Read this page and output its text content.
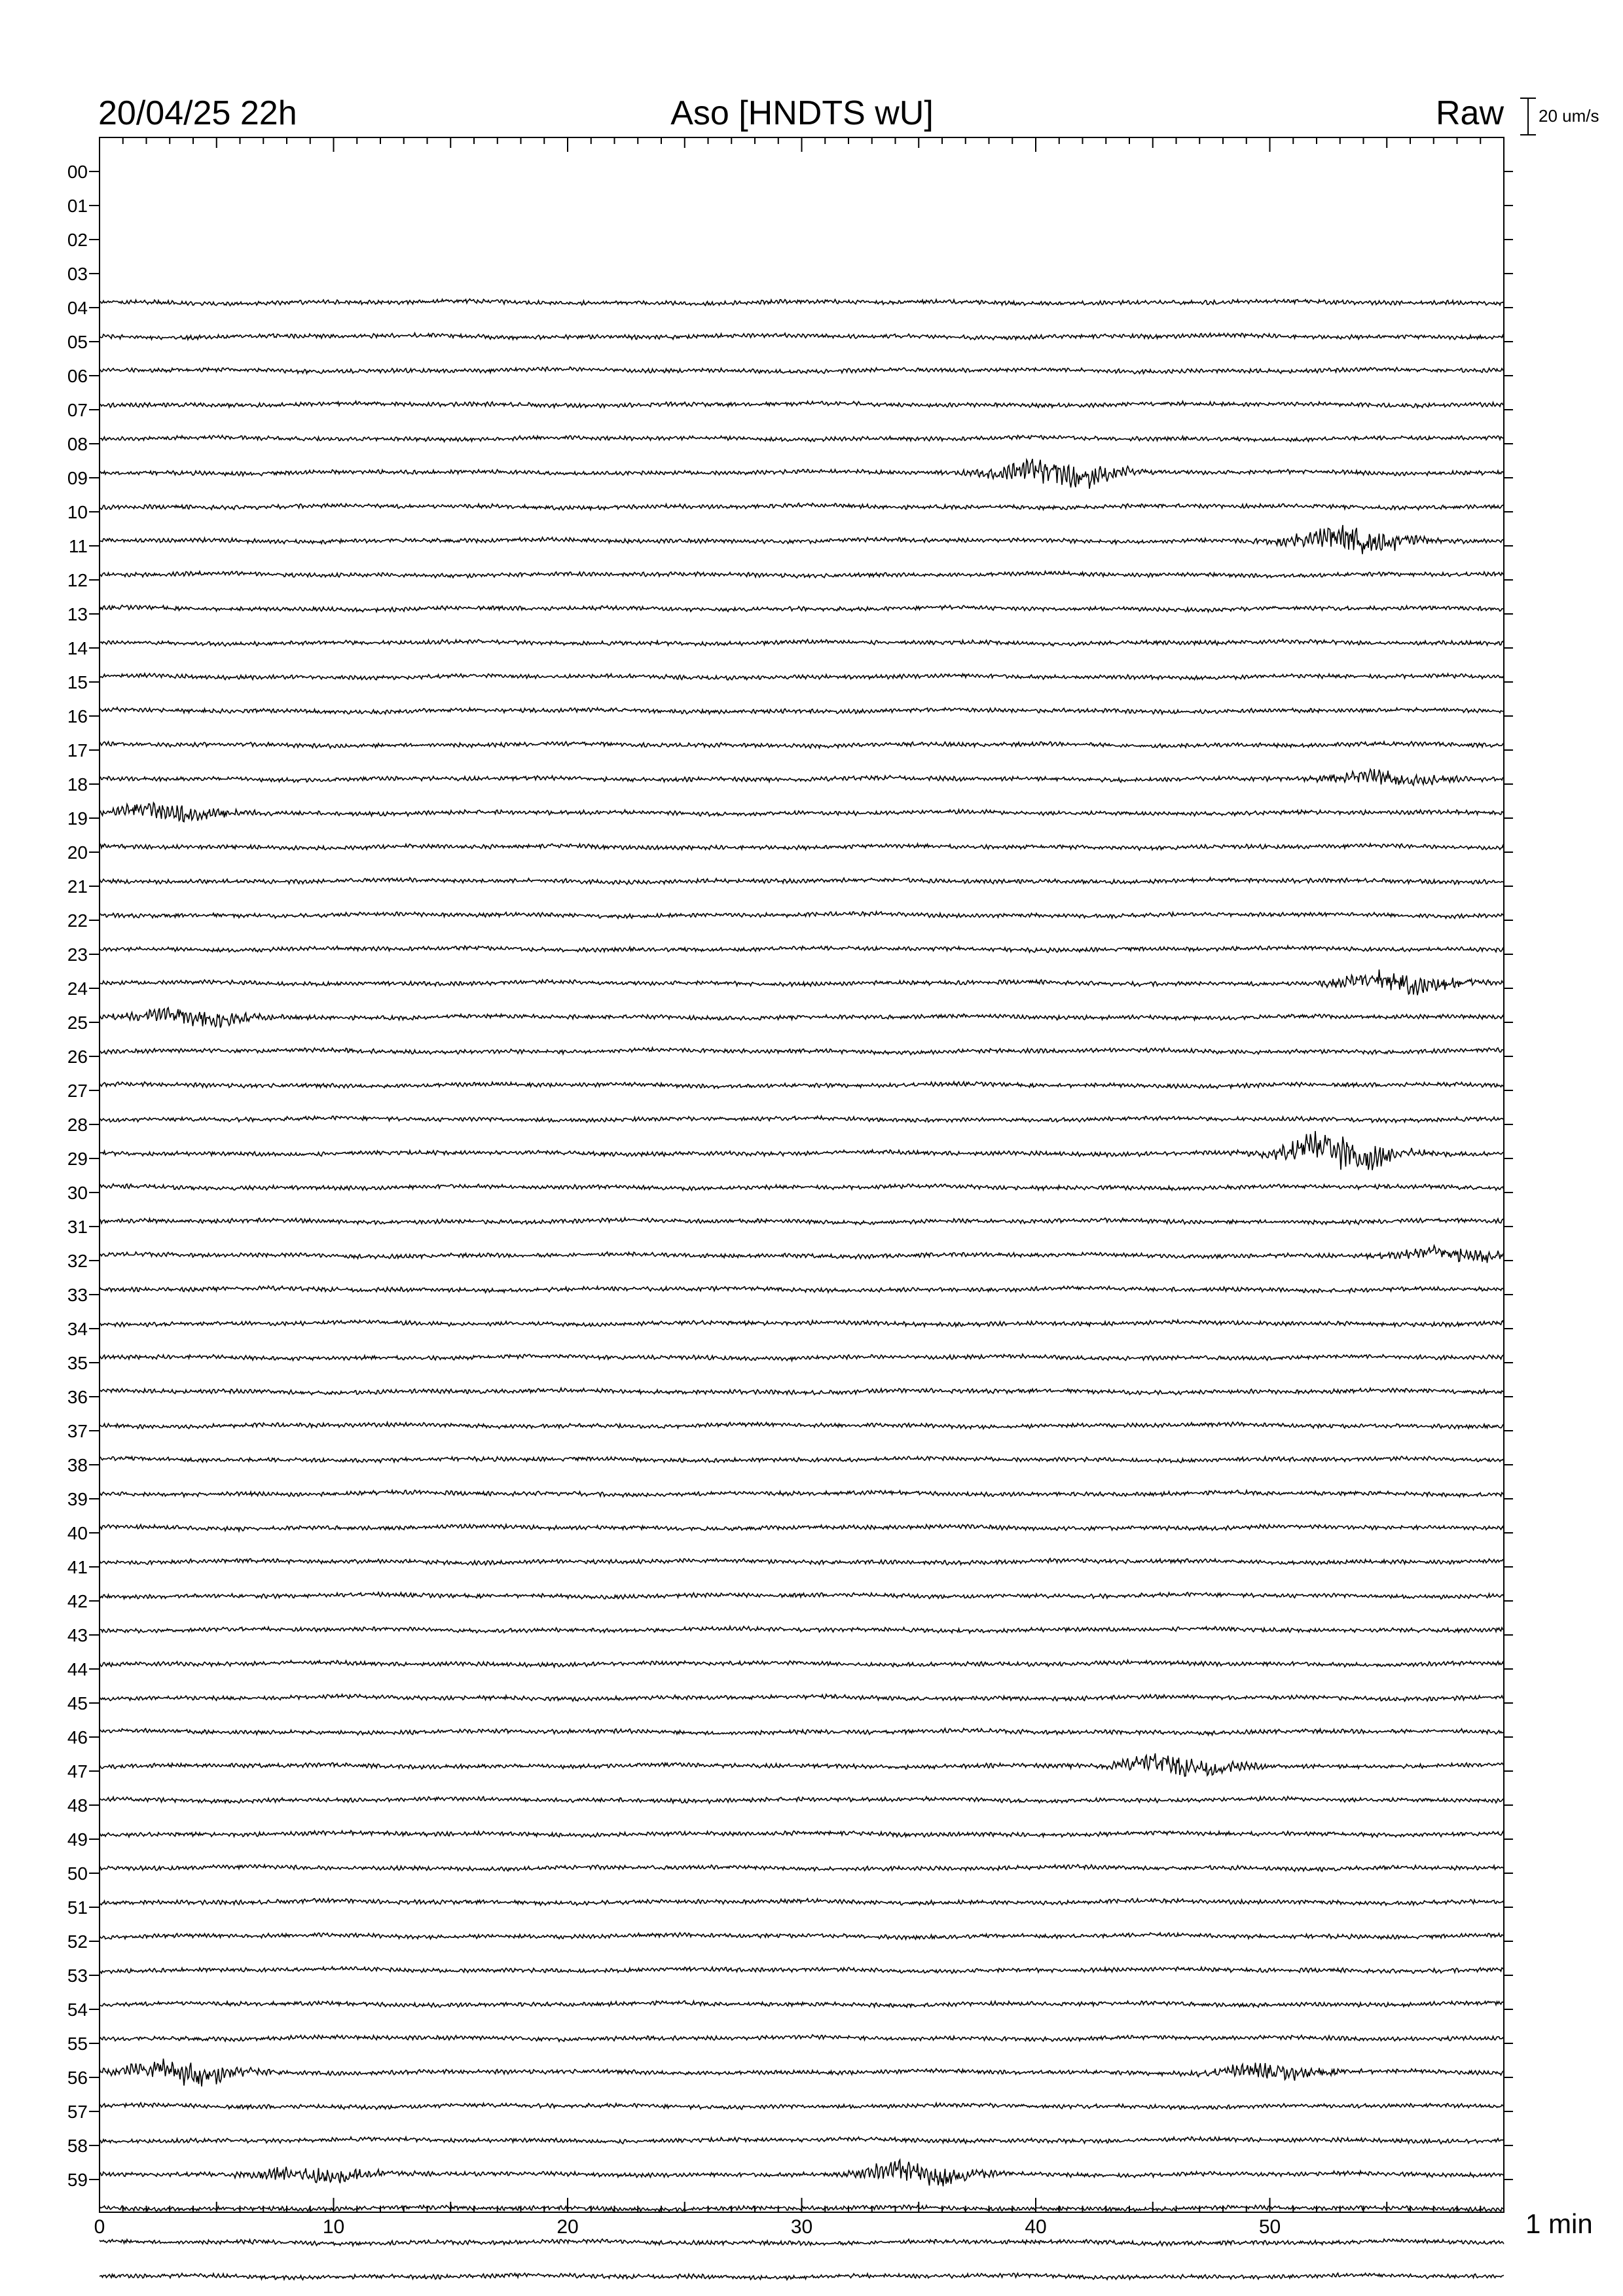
20/04/25 22h	Aso [HNDTS wU]	Raw 20 um/s
00
01
02
03
04
05
06
07
08
09
10
11
12
13
14
15
16
17
18
19
20
21
22
23
24
25
26
27
28
29
30
31
32
33
34
35
36
37
38
39
40
41
42
43
44
45
46
47
48
49
50
51
52
53
54
55
56
57
58
59
0	10	20	30	40	50	1 min
